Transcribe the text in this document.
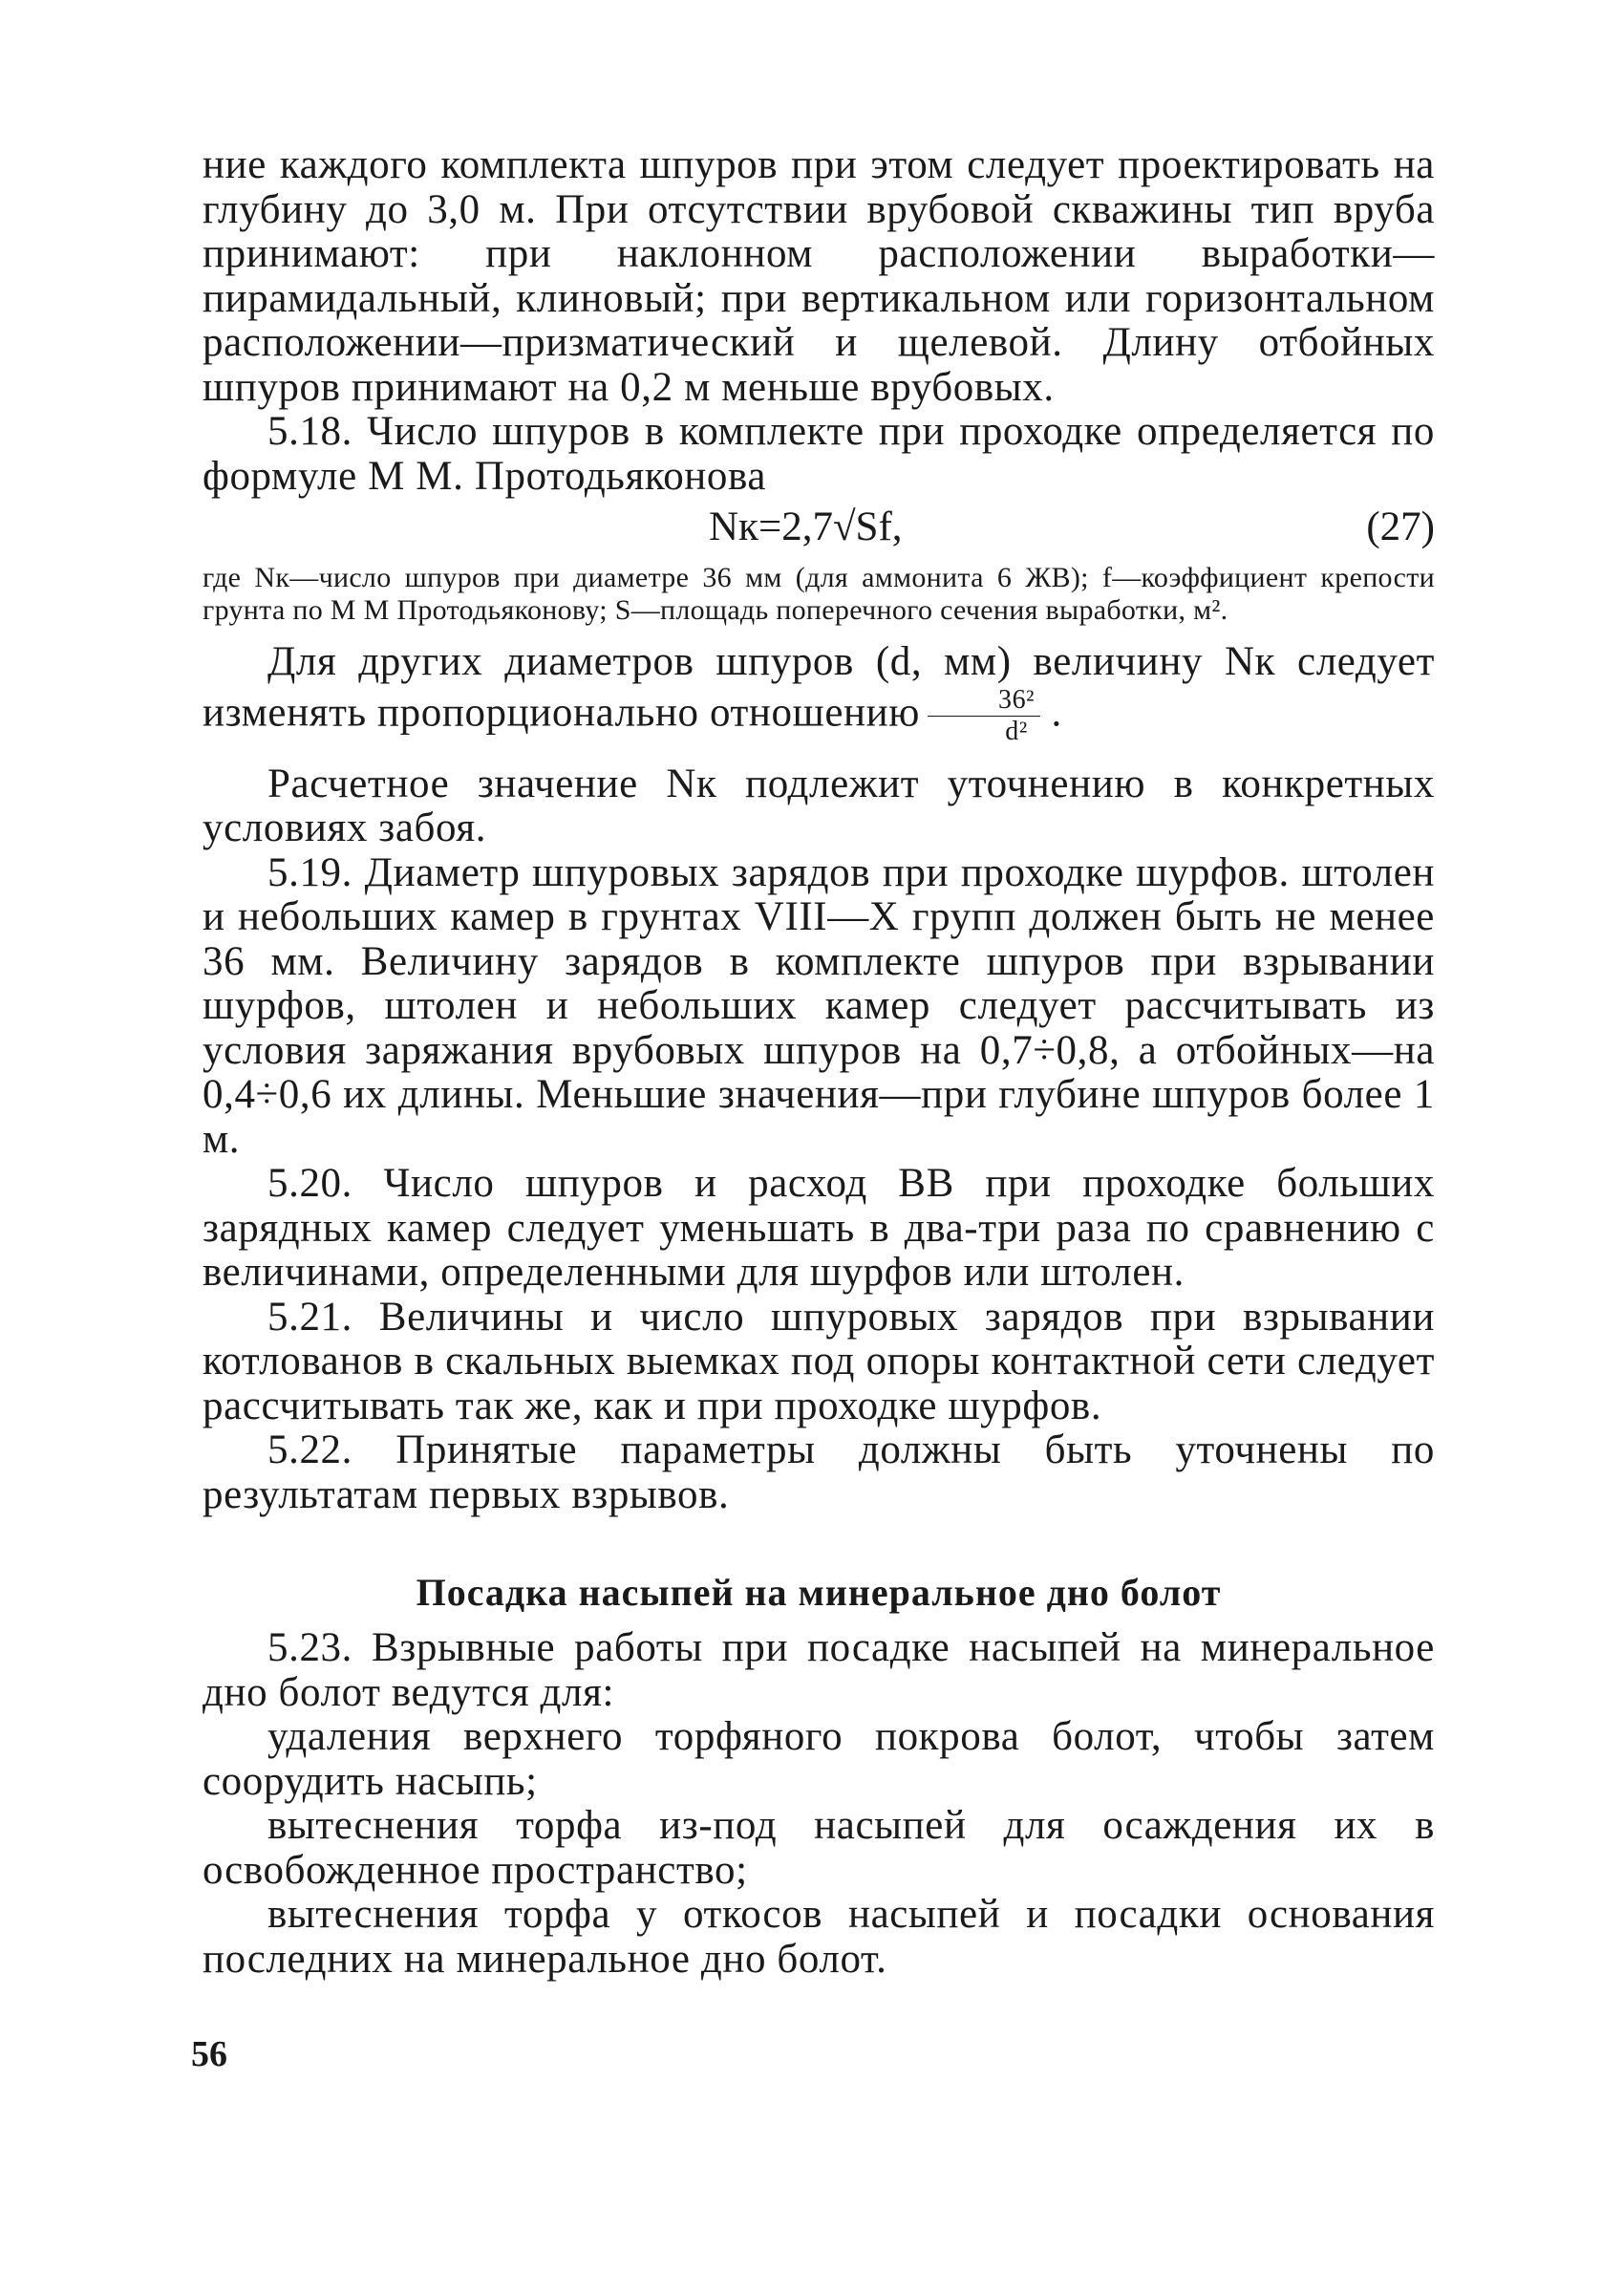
ние каждого комплекта шпуров при этом следует проектировать на глубину до 3,0 м. При отсутствии врубовой скважины тип вруба принимают: при наклонном расположении выработки—пирамидальный, клиновый; при вертикальном или горизонтальном расположении—призматический и щелевой. Длину отбойных шпуров принимают на 0,2 м меньше врубовых.

5.18. Число шпуров в комплекте при проходке определяется по формуле М М. Протодьяконова

Nк=2,7√Sf,	(27)

где Nк—число шпуров при диаметре 36 мм (для аммонита 6 ЖВ); f—коэффициент крепости грунта по М М Протодьяконову; S—площадь поперечного сечения выработки, м².

Для других диаметров шпуров (d, мм) величину Nк следует изменять пропорционально отношению $\frac{\text{36²}}{\text{d²}}$ .

Расчетное значение Nк подлежит уточнению в конкретных условиях забоя.

5.19. Диаметр шпуровых зарядов при проходке шурфов. штолен и небольших камер в грунтах VIII—X групп должен быть не менее 36 мм. Величину зарядов в комплекте шпуров при взрывании шурфов, штолен и небольших камер следует рассчитывать из условия заряжания врубовых шпуров на 0,7÷0,8, а отбойных—на 0,4÷0,6 их длины. Меньшие значения—при глубине шпуров более 1 м.

5.20. Число шпуров и расход ВВ при проходке больших зарядных камер следует уменьшать в два-три раза по сравнению с величинами, определенными для шурфов или штолен.

5.21. Величины и число шпуровых зарядов при взрывании котлованов в скальных выемках под опоры контактной сети следует рассчитывать так же, как и при проходке шурфов.

5.22. Принятые параметры должны быть уточнены по результатам первых взрывов.

Посадка насыпей на минеральное дно болот

5.23. Взрывные работы при посадке насыпей на минеральное дно болот ведутся для:

удаления верхнего торфяного покрова болот, чтобы затем соорудить насыпь;

вытеснения торфа из-под насыпей для осаждения их в освобожденное пространство;

вытеснения торфа у откосов насыпей и посадки основания последних на минеральное дно болот.

56
